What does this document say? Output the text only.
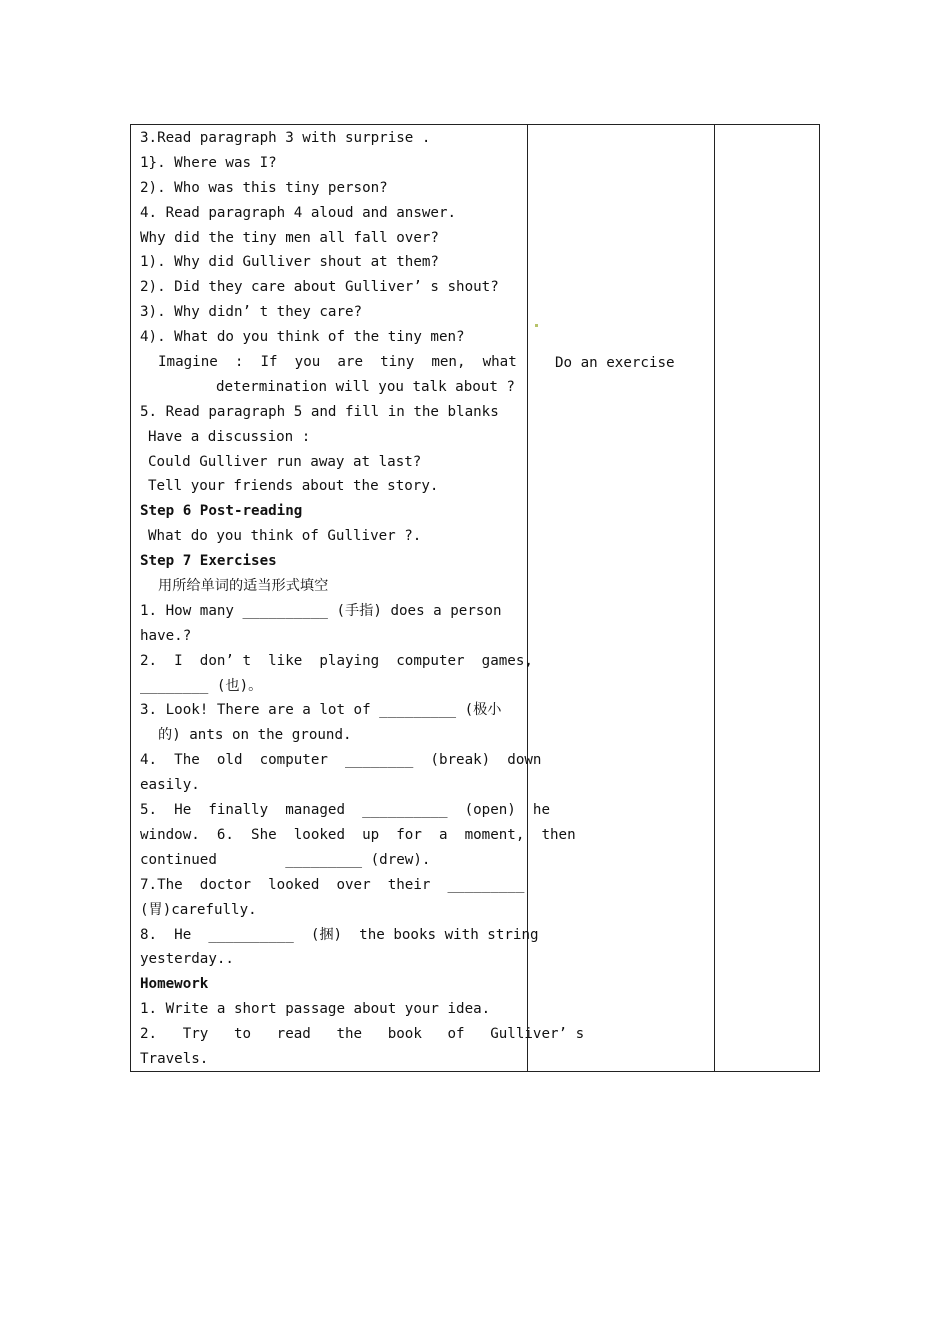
3.Read paragraph 3 with surprise .
1}. Where was I?
2). Who was this tiny person?
4. Read paragraph 4 aloud and answer.
Why did the tiny men all fall over?
1). Why did Gulliver shout at them?
2). Did they care about Gulliver’ s shout?
3). Why didn’ t they care?
4). What do you think of the tiny men?
Imagine  :  If  you  are  tiny  men,  what
determination will you talk about ?
5. Read paragraph 5 and fill in the blanks
Have a discussion :
Could Gulliver run away at last?
Tell your friends about the story.
Step 6 Post-reading
What do you think of Gulliver ?.
Step 7 Exercises
用所给单词的适当形式填空
1. How many __________ (手指) does a person
have.?
2.  I  don’ t  like  playing  computer  games,
________ (也)。
3. Look! There are a lot of _________ (极小
的) ants on the ground.
4.  The  old  computer  ________  (break)  down
easily.
5.  He  finally  managed  __________  (open)  he
window.  6.  She  looked  up  for  a  moment,  then
continued        _________ (drew).
7.The  doctor  looked  over  their  _________
(胃)carefully.
8.  He  __________  (捆)  the books with string
yesterday..
Homework
1. Write a short passage about your idea.
2.   Try   to   read   the   book   of   Gulliver’ s
Travels.
Do an exercise
